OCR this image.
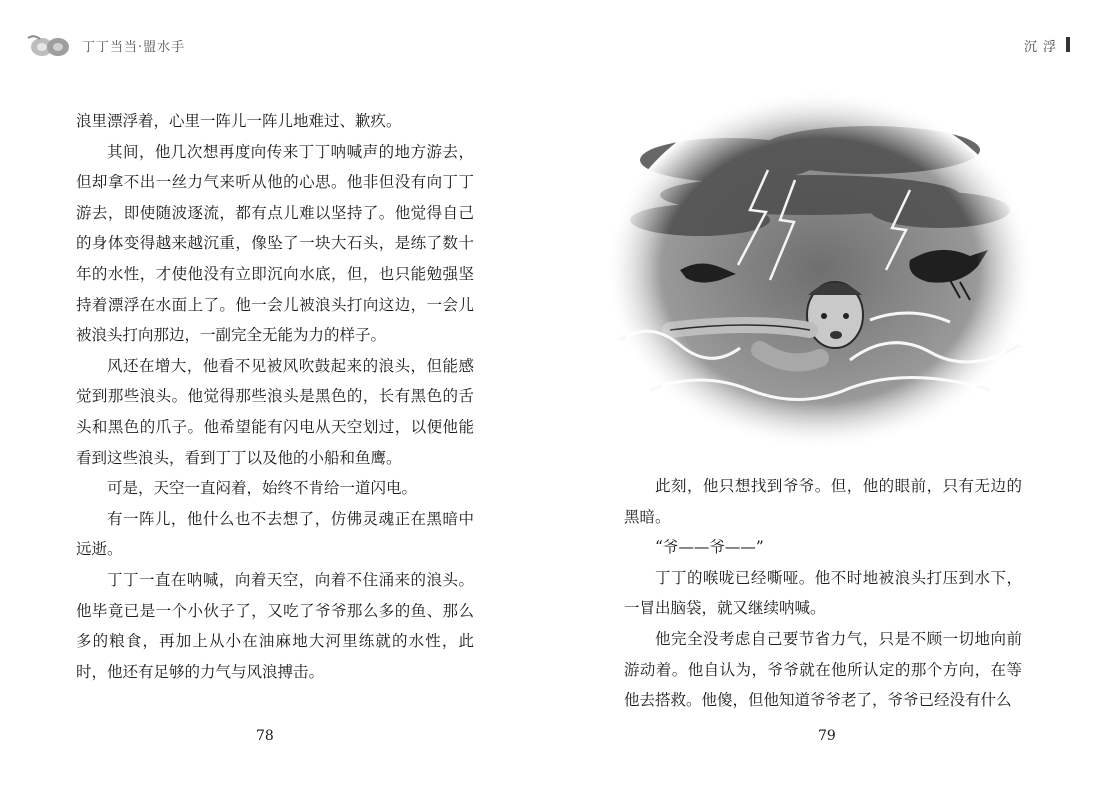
丁丁当当·盟水手

浪里漂浮着，心里一阵儿一阵儿地难过、歉疚。

其间，他几次想再度向传来丁丁呐喊声的地方游去，但却拿不出一丝力气来听从他的心思。他非但没有向丁丁游去，即使随波逐流，都有点儿难以坚持了。他觉得自己的身体变得越来越沉重，像坠了一块大石头，是练了数十年的水性，才使他没有立即沉向水底，但，也只能勉强坚持着漂浮在水面上了。他一会儿被浪头打向这边，一会儿被浪头打向那边，一副完全无能为力的样子。

风还在增大，他看不见被风吹鼓起来的浪头，但能感觉到那些浪头。他觉得那些浪头是黑色的，长有黑色的舌头和黑色的爪子。他希望能有闪电从天空划过，以便他能看到这些浪头，看到丁丁以及他的小船和鱼鹰。

可是，天空一直闷着，始终不肯给一道闪电。

有一阵儿，他什么也不去想了，仿佛灵魂正在黑暗中远逝。

丁丁一直在呐喊，向着天空，向着不住涌来的浪头。他毕竟已是一个小伙子了，又吃了爷爷那么多的鱼、那么多的粮食，再加上从小在油麻地大河里练就的水性，此时，他还有足够的力气与风浪搏击。

78
沉浮

此刻，他只想找到爷爷。但，他的眼前，只有无边的黑暗。

“爷——爷——”

丁丁的喉咙已经嘶哑。他不时地被浪头打压到水下，一冒出脑袋，就又继续呐喊。

他完全没考虑自己要节省力气，只是不顾一切地向前游动着。他自认为，爷爷就在他所认定的那个方向，在等他去搭救。他傻，但他知道爷爷老了，爷爷已经没有什么

79
